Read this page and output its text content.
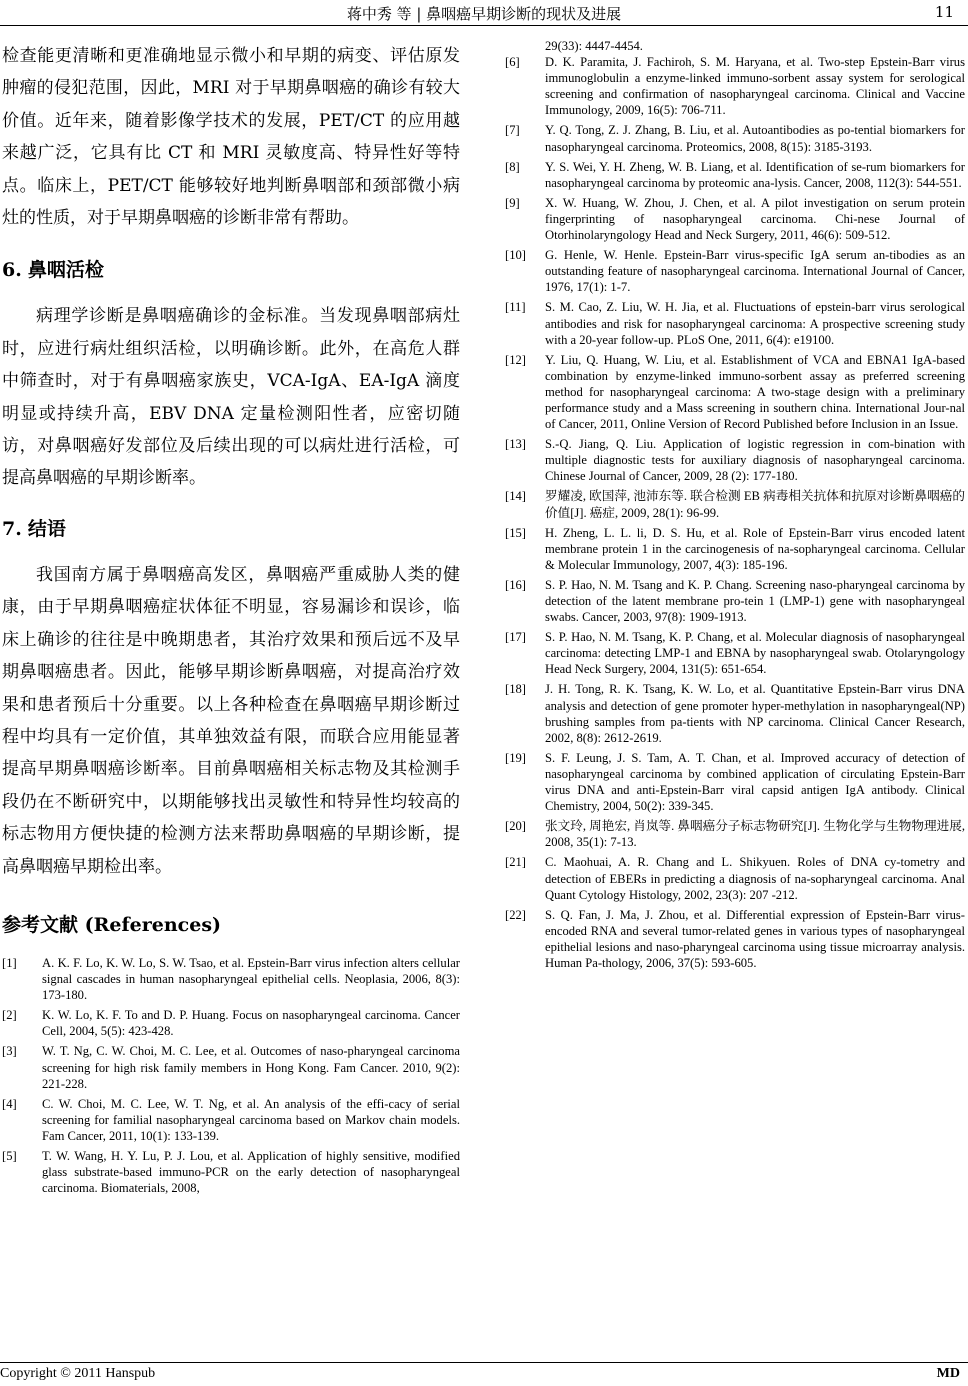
蒋中秀 等 | 鼻咽癌早期诊断的现状及进展	11

检查能更清晰和更准确地显示微小和早期的病变、评估原发肿瘤的侵犯范围，因此，MRI 对于早期鼻咽癌的确诊有较大价值。近年来，随着影像学技术的发展，PET/CT 的应用越来越广泛，它具有比 CT 和 MRI 灵敏度高、特异性好等特点。临床上，PET/CT 能够较好地判断鼻咽部和颈部微小病灶的性质，对于早期鼻咽癌的诊断非常有帮助。

6. 鼻咽活检

病理学诊断是鼻咽癌确诊的金标准。当发现鼻咽部病灶时，应进行病灶组织活检，以明确诊断。此外，在高危人群中筛查时，对于有鼻咽癌家族史，VCA-IgA、EA-IgA 滴度明显或持续升高，EBV DNA 定量检测阳性者，应密切随访，对鼻咽癌好发部位及后续出现的可以病灶进行活检，可提高鼻咽癌的早期诊断率。

7. 结语

我国南方属于鼻咽癌高发区，鼻咽癌严重威胁人类的健康，由于早期鼻咽癌症状体征不明显，容易漏诊和误诊，临床上确诊的往往是中晚期患者，其治疗效果和预后远不及早期鼻咽癌患者。因此，能够早期诊断鼻咽癌，对提高治疗效果和患者预后十分重要。以上各种检查在鼻咽癌早期诊断过程中均具有一定价值，其单独效益有限，而联合应用能显著提高早期鼻咽癌诊断率。目前鼻咽癌相关标志物及其检测手段仍在不断研究中，以期能够找出灵敏性和特异性均较高的标志物用方便快捷的检测方法来帮助鼻咽癌的早期诊断，提高鼻咽癌早期检出率。

参考文献 (References)

[1]	A. K. F. Lo, K. W. Lo, S. W. Tsao, et al. Epstein-Barr virus infection alters cellular signal cascades in human nasopharyngeal epithelial cells. Neoplasia, 2006, 8(3): 173-180.
[2]	K. W. Lo, K. F. To and D. P. Huang. Focus on nasopharyngeal carcinoma. Cancer Cell, 2004, 5(5): 423-428.
[3]	W. T. Ng, C. W. Choi, M. C. Lee, et al. Outcomes of naso-pharyngeal carcinoma screening for high risk family members in Hong Kong. Fam Cancer. 2010, 9(2): 221-228.
[4]	C. W. Choi, M. C. Lee, W. T. Ng, et al. An analysis of the effi-cacy of serial screening for familial nasopharyngeal carcinoma based on Markov chain models. Fam Cancer, 2011, 10(1): 133-139.
[5]	T. W. Wang, H. Y. Lu, P. J. Lou, et al. Application of highly sensitive, modified glass substrate-based immuno-PCR on the early detection of nasopharyngeal carcinoma. Biomaterials, 2008,
29(33): 4447-4454.
[6]	D. K. Paramita, J. Fachiroh, S. M. Haryana, et al. Two-step Epstein-Barr virus immunoglobulin a enzyme-linked immuno-sorbent assay system for serological screening and confirmation of nasopharyngeal carcinoma. Clinical and Vaccine Immunology, 2009, 16(5): 706-711.
[7]	Y. Q. Tong, Z. J. Zhang, B. Liu, et al. Autoantibodies as po-tential biomarkers for nasopharyngeal carcinoma. Proteomics, 2008, 8(15): 3185-3193.
[8]	Y. S. Wei, Y. H. Zheng, W. B. Liang, et al. Identification of se-rum biomarkers for nasopharyngeal carcinoma by proteomic ana-lysis. Cancer, 2008, 112(3): 544-551.
[9]	X. W. Huang, W. Zhou, J. Chen, et al. A pilot investigation on serum protein fingerprinting of nasopharyngeal carcinoma. Chi-nese Journal of Otorhinolaryngology Head and Neck Surgery, 2011, 46(6): 509-512.
[10]	G. Henle, W. Henle. Epstein-Barr virus-specific IgA serum an-tibodies as an outstanding feature of nasopharyngeal carcinoma. International Journal of Cancer, 1976, 17(1): 1-7.
[11]	S. M. Cao, Z. Liu, W. H. Jia, et al. Fluctuations of epstein-barr virus serological antibodies and risk for nasopharyngeal carcinoma: A prospective screening study with a 20-year follow-up. PLoS One, 2011, 6(4): e19100.
[12]	Y. Liu, Q. Huang, W. Liu, et al. Establishment of VCA and EBNA1 IgA-based combination by enzyme-linked immuno-sorbent assay as preferred screening method for nasopharyngeal carcinoma: A two-stage design with a preliminary performance study and a Mass screening in southern china. International Jour-nal of Cancer, 2011, Online Version of Record Published before Inclusion in an Issue.
[13]	S.-Q. Jiang, Q. Liu. Application of logistic regression in com-bination with multiple diagnostic tests for auxiliary diagnosis of nasopharyngeal carcinoma. Chinese Journal of Cancer, 2009, 28 (2): 177-180.
[14]	罗耀凌, 欧国萍, 池沛东等. 联合检测 EB 病毒相关抗体和抗原对诊断鼻咽癌的价值[J]. 癌症, 2009, 28(1): 96-99.
[15]	H. Zheng, L. L. li, D. S. Hu, et al. Role of Epstein-Barr virus encoded latent membrane protein 1 in the carcinogenesis of na-sopharyngeal carcinoma. Cellular & Molecular Immunology, 2007, 4(3): 185-196.
[16]	S. P. Hao, N. M. Tsang and K. P. Chang. Screening naso-pharyngeal carcinoma by detection of the latent membrane pro-tein 1 (LMP-1) gene with nasopharyngeal swabs. Cancer, 2003, 97(8): 1909-1913.
[17]	S. P. Hao, N. M. Tsang, K. P. Chang, et al. Molecular diagnosis of nasopharyngeal carcinoma: detecting LMP-1 and EBNA by nasopharyngeal swab. Otolaryngology Head Neck Surgery, 2004, 131(5): 651-654.
[18]	J. H. Tong, R. K. Tsang, K. W. Lo, et al. Quantitative Epstein-Barr virus DNA analysis and detection of gene promoter hyper-methylation in nasopharyngeal(NP) brushing samples from pa-tients with NP carcinoma. Clinical Cancer Research, 2002, 8(8): 2612-2619.
[19]	S. F. Leung, J. S. Tam, A. T. Chan, et al. Improved accuracy of detection of nasopharyngeal carcinoma by combined application of circulating Epstein-Barr virus DNA and anti-Epstein-Barr viral capsid antigen IgA antibody. Clinical Chemistry, 2004, 50(2): 339-345.
[20]	张文玲, 周艳宏, 肖岚等. 鼻咽癌分子标志物研究[J]. 生物化学与生物物理进展, 2008, 35(1): 7-13.
[21]	C. Maohuai, A. R. Chang and L. Shikyuen. Roles of DNA cy-tometry and detection of EBERs in predicting a diagnosis of na-sopharyngeal carcinoma. Anal Quant Cytology Histology, 2002, 23(3): 207 -212.
[22]	S. Q. Fan, J. Ma, J. Zhou, et al. Differential expression of Epstein-Barr virus-encoded RNA and several tumor-related genes in various types of nasopharyngeal epithelial lesions and naso-pharyngeal carcinoma using tissue microarray analysis. Human Pa-thology, 2006, 37(5): 593-605.
Copyright © 2011 Hanspub	MD
